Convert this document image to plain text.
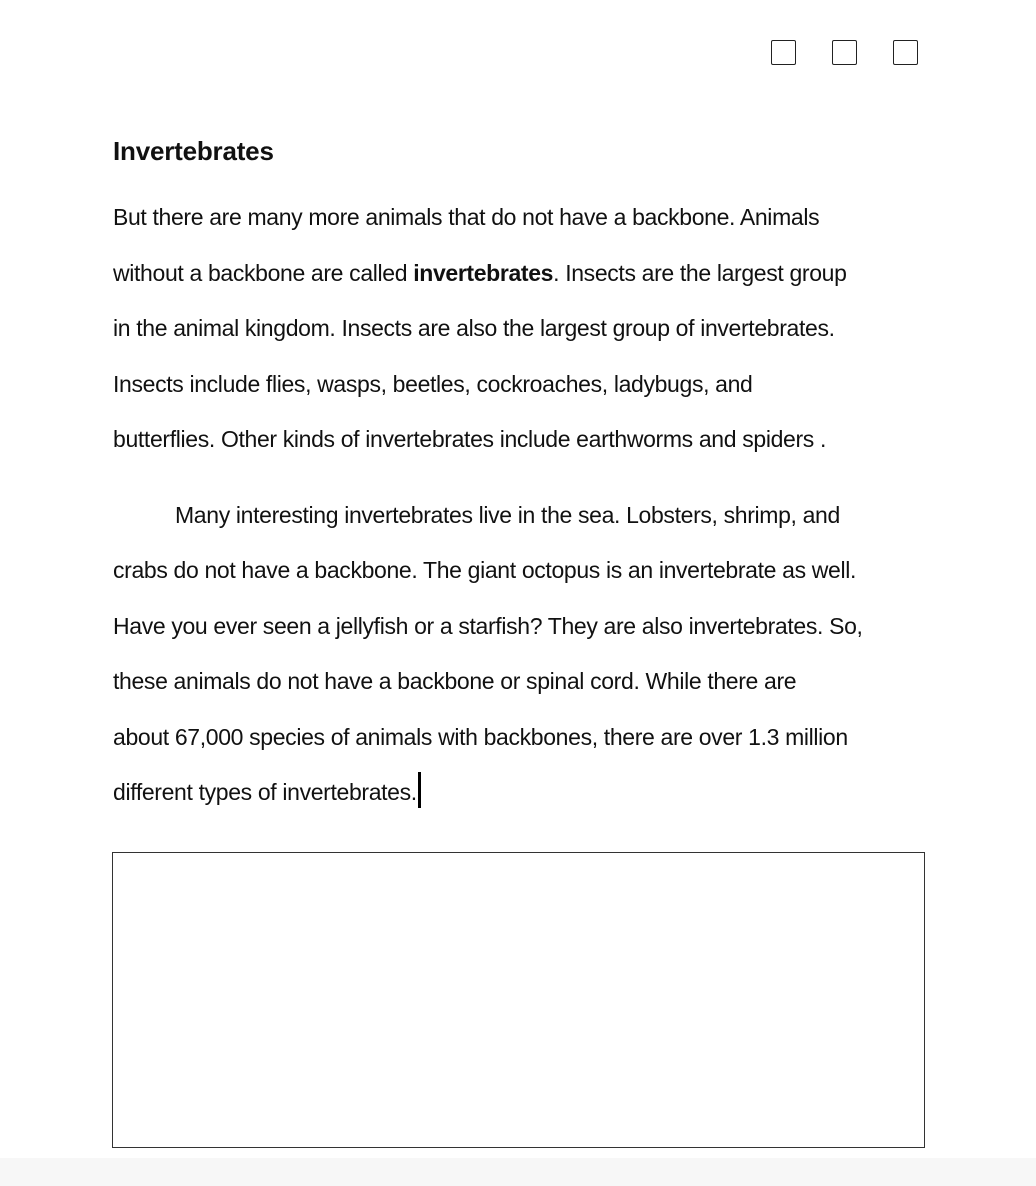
Invertebrates

But there are many more animals that do not have a backbone. Animals
without a backbone are called invertebrates. Insects are the largest group
in the animal kingdom. Insects are also the largest group of invertebrates.
Insects include flies, wasps, beetles, cockroaches, ladybugs, and
butterflies. Other kinds of invertebrates include earthworms and spiders .

Many interesting invertebrates live in the sea. Lobsters, shrimp, and
crabs do not have a backbone. The giant octopus is an invertebrate as well.
Have you ever seen a jellyfish or a starfish? They are also invertebrates. So,
these animals do not have a backbone or spinal cord. While there are
about 67,000 species of animals with backbones, there are over 1.3 million
different types of invertebrates.
